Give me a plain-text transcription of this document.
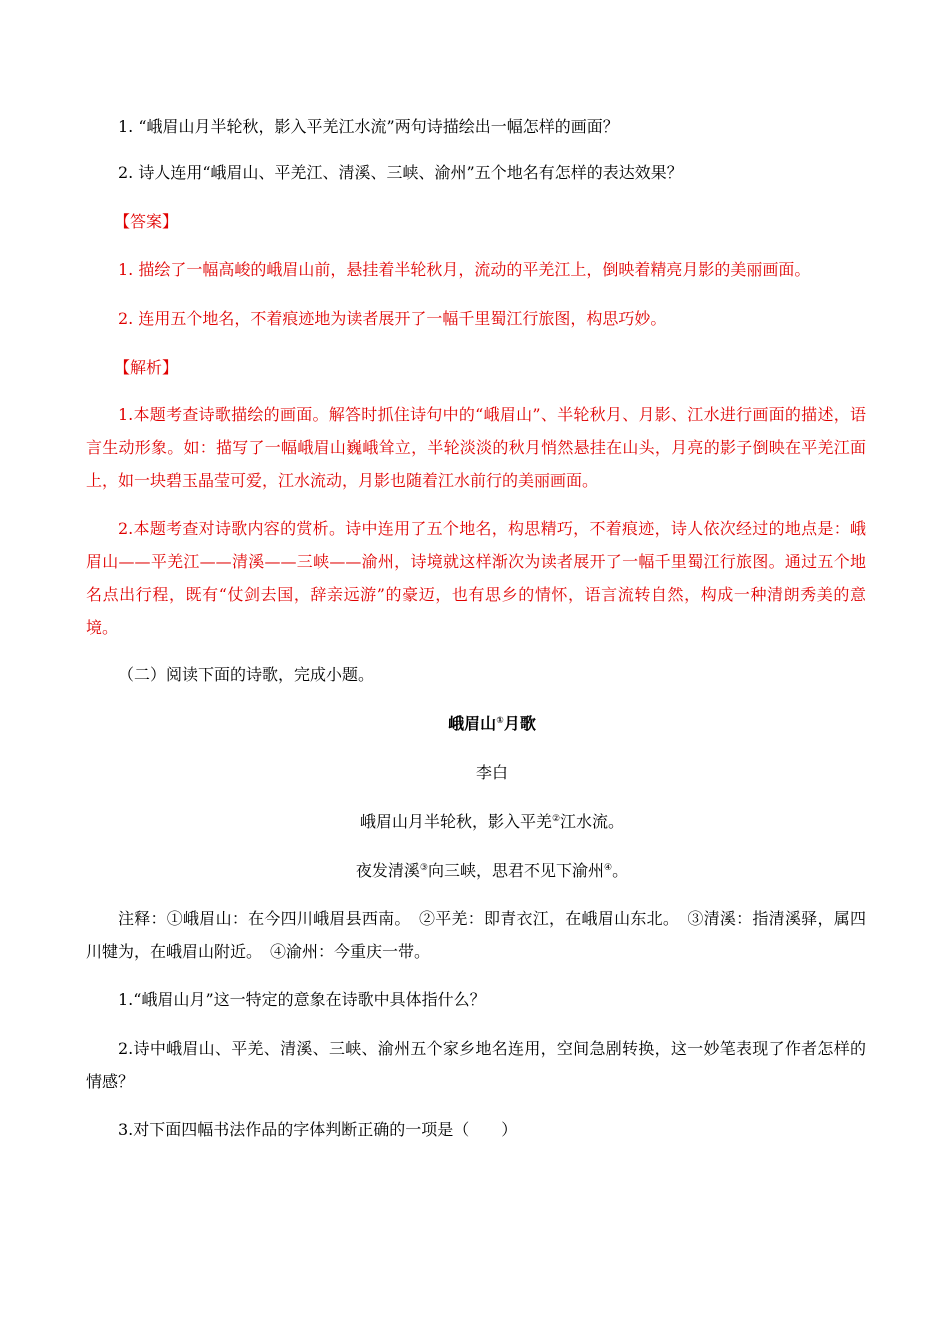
1. “峨眉山月半轮秋，影入平羌江水流”两句诗描绘出一幅怎样的画面？
2. 诗人连用“峨眉山、平羌江、清溪、三峡、渝州”五个地名有怎样的表达效果？
【答案】
1. 描绘了一幅高峻的峨眉山前，悬挂着半轮秋月，流动的平羌江上，倒映着精亮月影的美丽画面。
2. 连用五个地名，不着痕迹地为读者展开了一幅千里蜀江行旅图，构思巧妙。
【解析】
1.本题考查诗歌描绘的画面。解答时抓住诗句中的“峨眉山”、半轮秋月、月影、江水进行画面的描述，语言生动形象。如：描写了一幅峨眉山巍峨耸立，半轮淡淡的秋月悄然悬挂在山头，月亮的影子倒映在平羌江面上，如一块碧玉晶莹可爱，江水流动，月影也随着江水前行的美丽画面。
2.本题考查对诗歌内容的赏析。诗中连用了五个地名，构思精巧，不着痕迹，诗人依次经过的地点是：峨眉山——平羌江——清溪——三峡——渝州，诗境就这样渐次为读者展开了一幅千里蜀江行旅图。通过五个地名点出行程，既有“仗剑去国，辞亲远游”的豪迈，也有思乡的情怀，语言流转自然，构成一种清朗秀美的意境。
（二）阅读下面的诗歌，完成小题。
峨眉山①月歌
李白
峨眉山月半轮秋，影入平羌②江水流。
夜发清溪③向三峡，思君不见下渝州④。
注释：①峨眉山：在今四川峨眉县西南。　②平羌：即青衣江，在峨眉山东北。　③清溪：指清溪驿，属四川犍为，在峨眉山附近。　④渝州：今重庆一带。
1.“峨眉山月”这一特定的意象在诗歌中具体指什么？
2.诗中峨眉山、平羌、清溪、三峡、渝州五个家乡地名连用，空间急剧转换，这一妙笔表现了作者怎样的情感？
3.对下面四幅书法作品的字体判断正确的一项是（　　）
